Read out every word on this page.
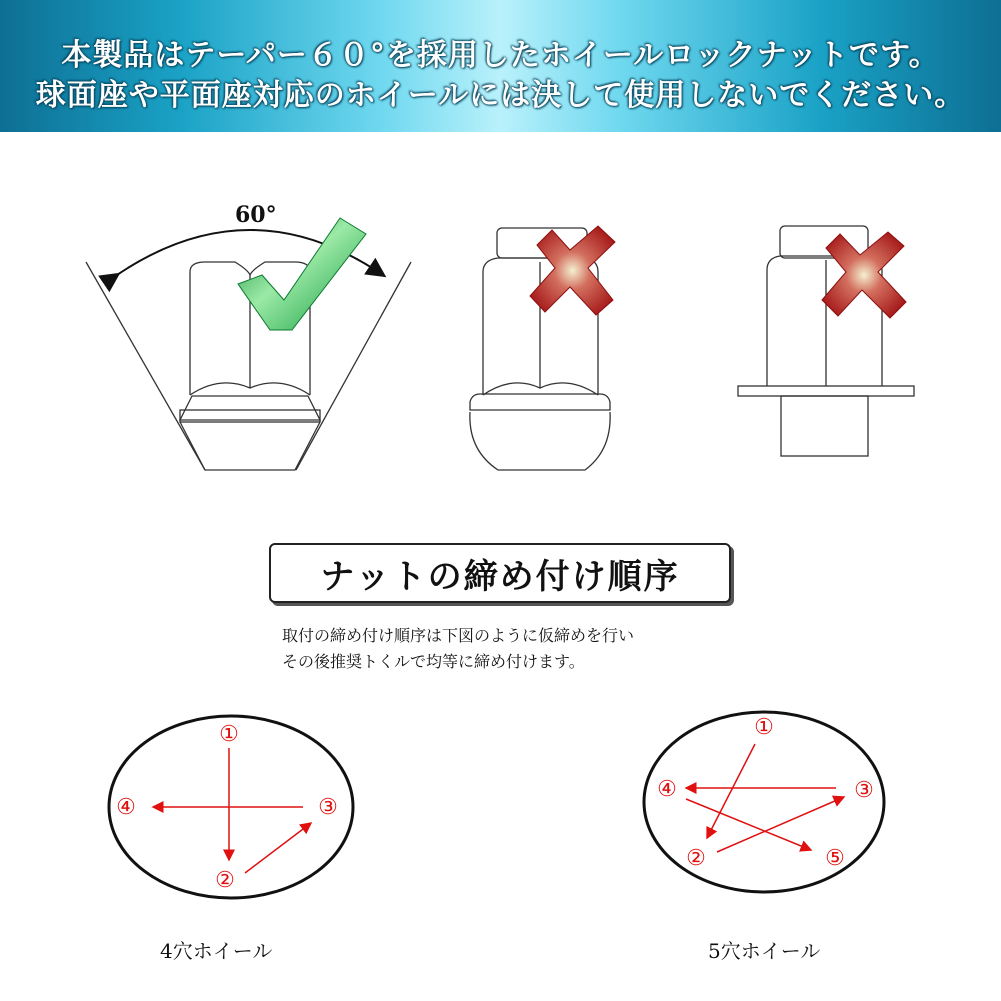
本製品はテーパー６０°を採用したホイールロックナットです。
球面座や平面座対応のホイールには決して使用しないでください。
60°
ナットの締め付け順序
取付の締め付け順序は下図のように仮締めを行い
その後推奨トくルで均等に締め付けます。
①
②
③
④
①
②
③
④
⑤
4穴ホイール	5穴ホイール
